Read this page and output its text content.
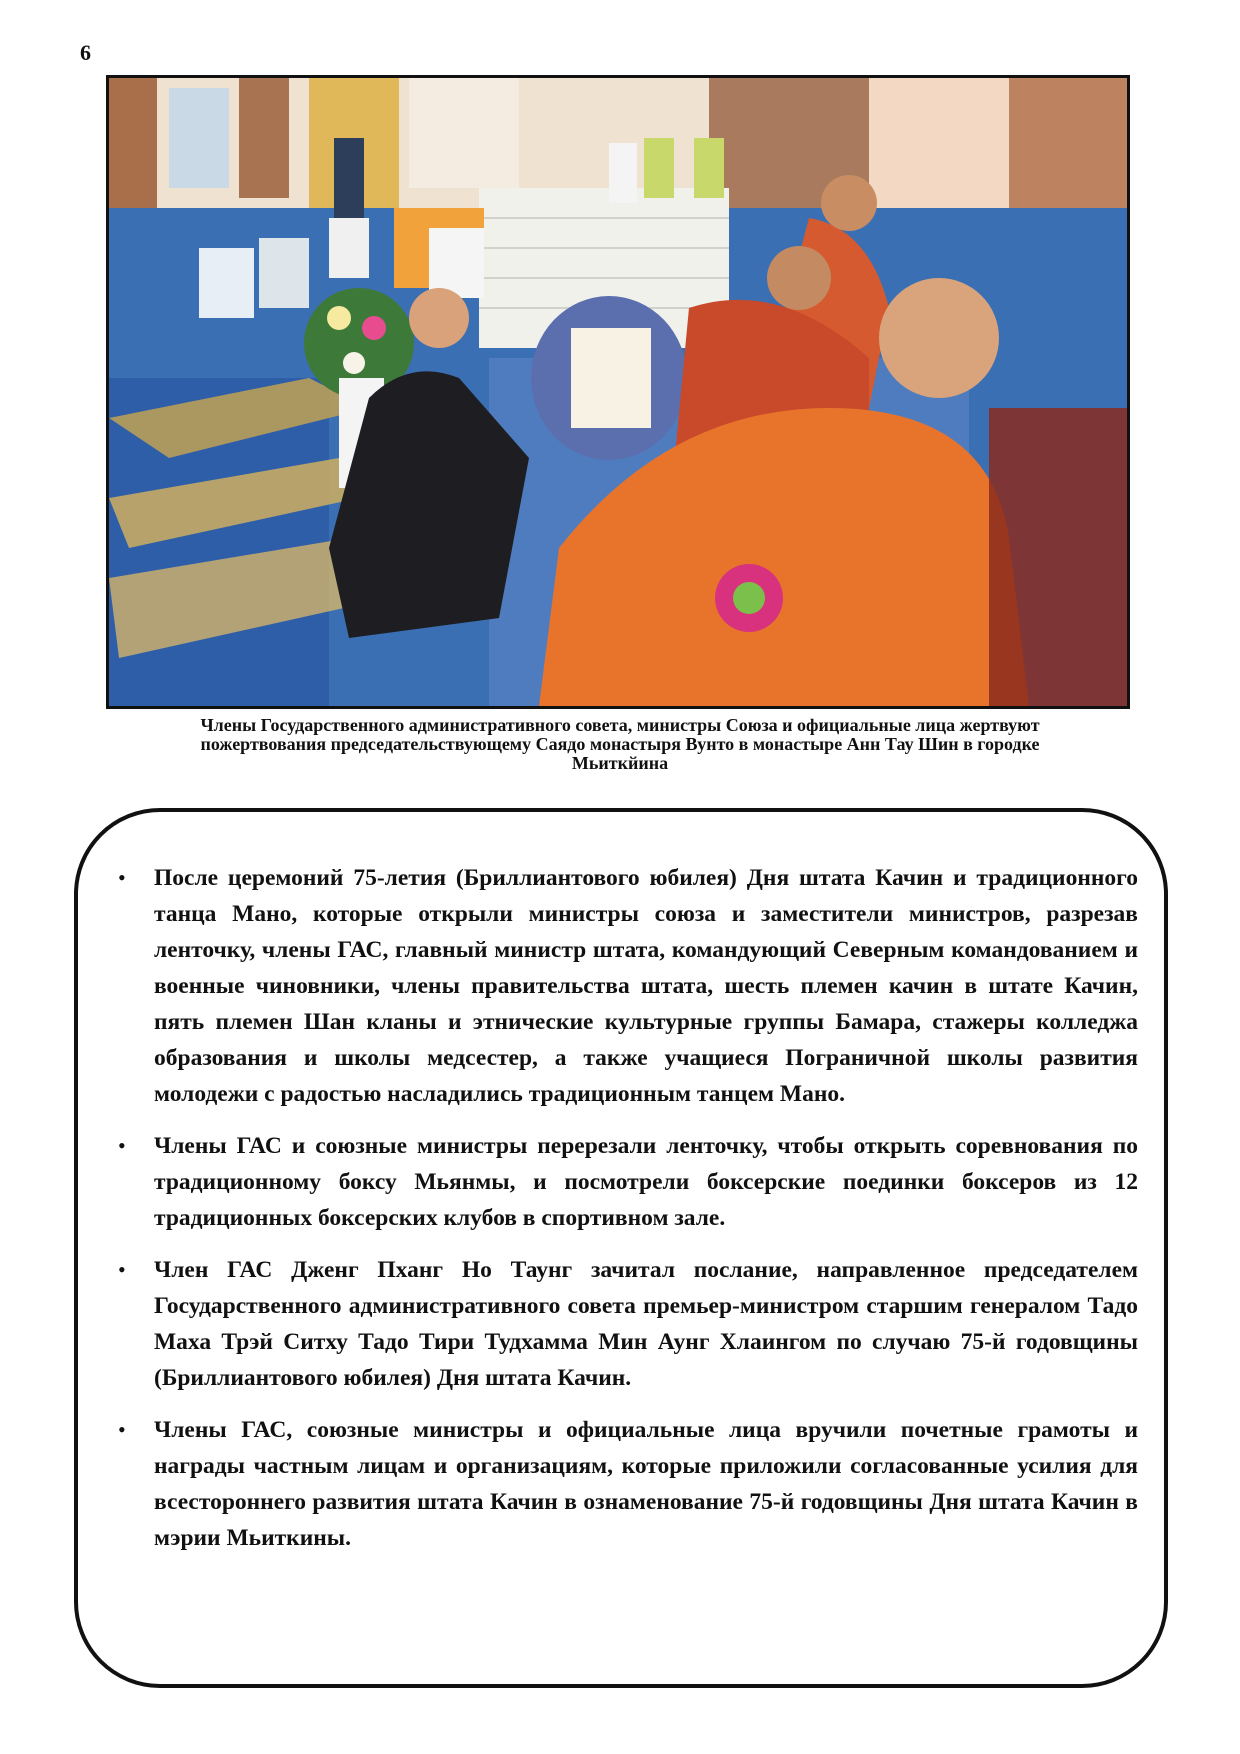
6
Члены Государственного административного совета, министры Союза и официальные лица жертвуют
пожертвования председательствующему Саядо монастыря Вунто в монастыре Анн Тау Шин в городке
Мьиткйина
• После церемоний 75-летия (Бриллиантового юбилея) Дня штата Качин и традиционного танца Мано, которые открыли министры союза и заместители министров, разрезав ленточку, члены ГАС, главный министр штата, командующий Северным командованием и военные чиновники, члены правительства штата, шесть племен качин в штате Качин, пять племен Шан кланы и этнические культурные группы Бамара, стажеры колледжа образования и школы медсестер, а также учащиеся Пограничной школы развития молодежи с радостью насладились традиционным танцем Мано.
• Члены ГАС и союзные министры перерезали ленточку, чтобы открыть соревнования по традиционному боксу Мьянмы, и посмотрели боксерские поединки боксеров из 12 традиционных боксерских клубов в спортивном зале.
• Член ГАС Дженг Пханг Но Таунг зачитал послание, направленное председателем Государственного административного совета премьер-министром старшим генералом Тадо Маха Трэй Ситху Тадо Тири Тудхамма Мин Аунг Хлаингом по случаю 75-й годовщины (Бриллиантового юбилея) Дня штата Качин.
• Члены ГАС, союзные министры и официальные лица вручили почетные грамоты и награды частным лицам и организациям, которые приложили согласованные усилия для всестороннего развития штата Качин в ознаменование 75-й годовщины Дня штата Качин в мэрии Мьиткины.
